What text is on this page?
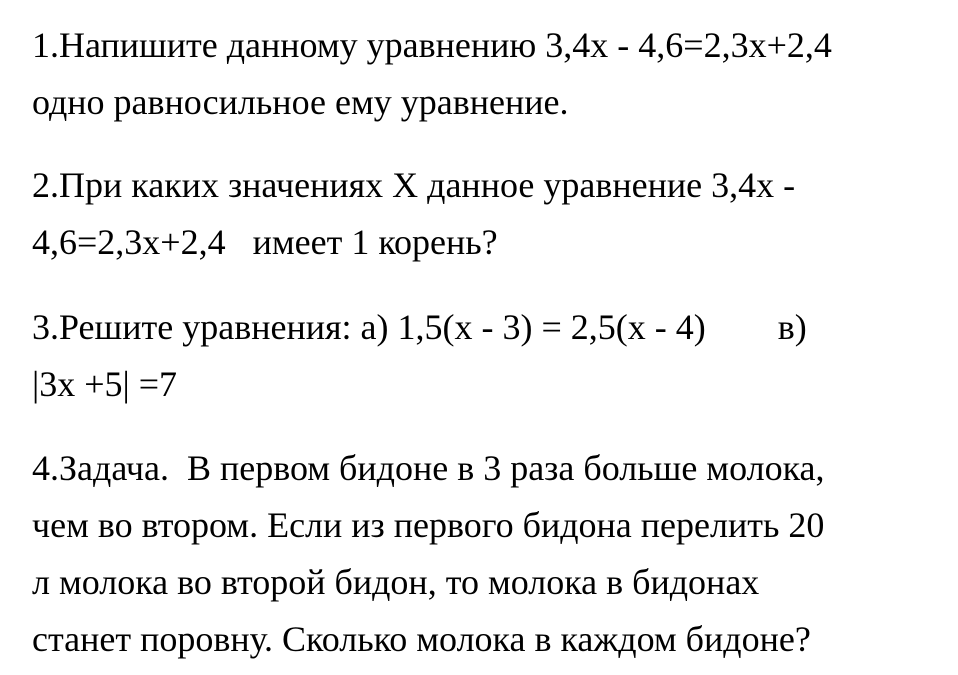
1.Напишите данному уравнению 3,4х - 4,6=2,3х+2,4
одно равносильное ему уравнение.
2.При каких значениях Х данное уравнение 3,4х -
4,6=2,3х+2,4   имеет 1 корень?
3.Решите уравнения: а) 1,5(х - 3) = 2,5(х - 4)        в)
|3х +5| =7
4.Задача.  В первом бидоне в 3 раза больше молока,
чем во втором. Если из первого бидона перелить 20
л молока во второй бидон, то молока в бидонах
станет поровну. Сколько молока в каждом бидоне?
